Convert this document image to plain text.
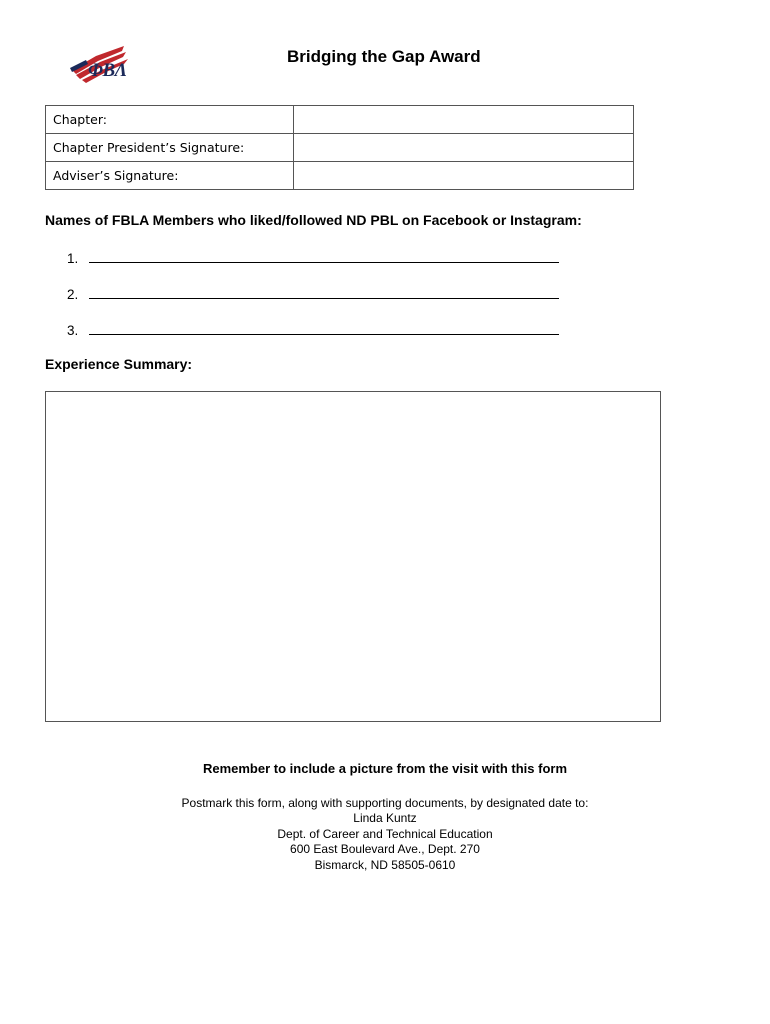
ΦBΛ
Bridging the Gap Award
Chapter:	
Chapter President’s Signature:	
Adviser’s Signature:	
Names of FBLA Members who liked/followed ND PBL on Facebook or Instagram:
1.
2.
3.
Experience Summary:
Remember to include a picture from the visit with this form
Postmark this form, along with supporting documents, by designated date to:
Linda Kuntz
Dept. of Career and Technical Education
600 East Boulevard Ave., Dept. 270
Bismarck, ND 58505-0610
